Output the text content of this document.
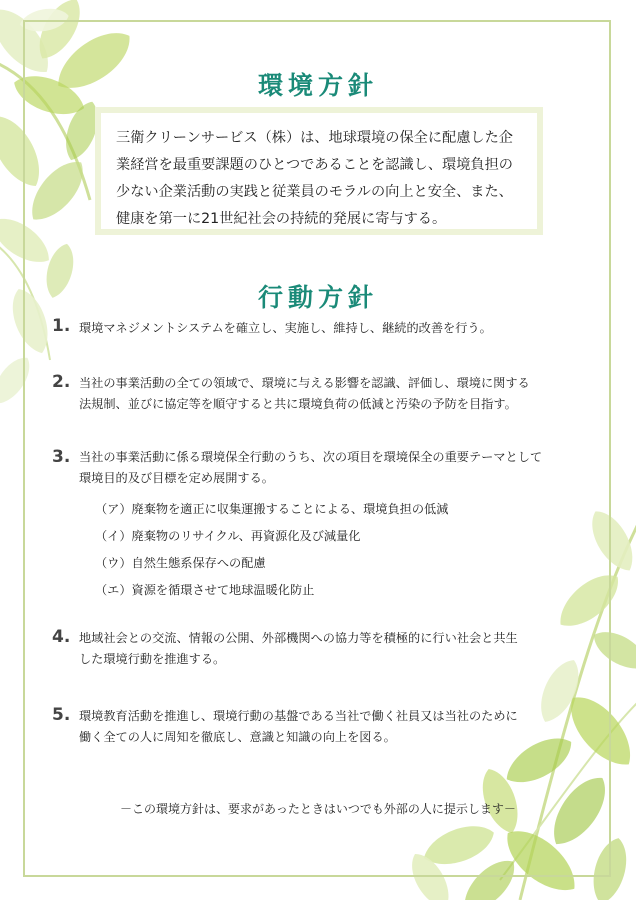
環境方針
三衛クリーンサービス（株）は、地球環境の保全に配慮した企
業経営を最重要課題のひとつであることを認識し、環境負担の
少ない企業活動の実践と従業員のモラルの向上と安全、また、
健康を第一に21世紀社会の持続的発展に寄与する。
行動方針
1. 環境マネジメントシステムを確立し、実施し、維持し、継続的改善を行う。
2. 当社の事業活動の全ての領域で、環境に与える影響を認識、評価し、環境に関する
法規制、並びに協定等を順守すると共に環境負荷の低減と汚染の予防を目指す。
3. 当社の事業活動に係る環境保全行動のうち、次の項目を環境保全の重要テーマとして
環境目的及び目標を定め展開する。
（ア）廃棄物を適正に収集運搬することによる、環境負担の低減
（イ）廃棄物のリサイクル、再資源化及び減量化
（ウ）自然生態系保存への配慮
（エ）資源を循環させて地球温暖化防止
4. 地域社会との交流、情報の公開、外部機関への協力等を積極的に行い社会と共生
した環境行動を推進する。
5. 環境教育活動を推進し、環境行動の基盤である当社で働く社員又は当社のために
働く全ての人に周知を徹底し、意識と知識の向上を図る。
－この環境方針は、要求があったときはいつでも外部の人に提示します－
